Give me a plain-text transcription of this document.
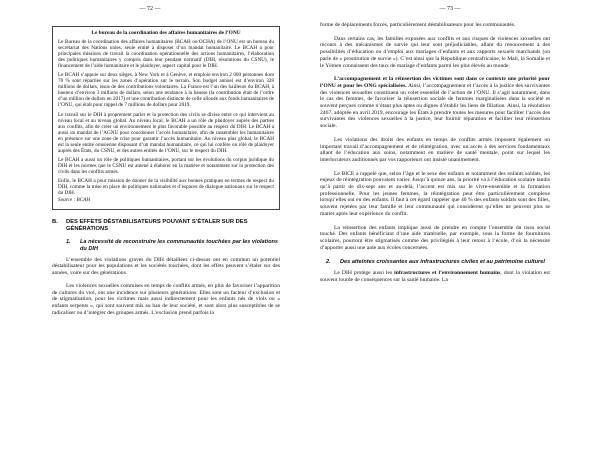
— 72 —
Le bureau de la coordination des affaires humanitaires de l’ONU

Le Bureau de la coordination des affaires humanitaires (BCAH ou OCHA) de l’ONU est un bureau du secrétariat des Nations unies, seule entité à disposer d’un mandat humanitaire. Le BCAH a pour principales missions de travail la coordination opérationnelle des actions humanitaires, l’élaboration des politiques humanitaires y compris dans leur pendant normatif (DIH, résolutions du CSNU), le financement de l’aide humanitaire et le plaidoyer, aspect capital pour le DIH.

Le BCAH s’appuie sur deux sièges, à New York et à Genève, et emploie environ 2 000 personnes dont 70 % sont réparties sur les zones d’opération sur le terrain. Son budget annuel est d’environ 328 millions de dollars, issus de des contributions volontaires. La France est l’un des bailleurs du BCAH, à hauteur d’environ 3 millions de dollars, selon une tendance à la hausse (la contribution était de l’ordre d’un million de dollars en 2017) et une contribution distincte de celle allouée aux fonds humanitaires de l’ONU, qui était pour rappel de 7 millions de dollars pour 2019.

Le travail sur le DIH à proprement parler et la protection des civils se divise entre ce qui intervient au niveau local et au niveau global. Au niveau local, le BCAH a un rôle de plaidoyer auprès des parties aux conflits, afin de créer un environnement le plus favorable possible au respect du DIH. Le BCAH a aussi un mandat de l’AGNU pour coordonner l’accès humanitaire, afin de rassembler les humanitaires en présence sur une zone de crise pour garantir l’accès humanitaire. Au niveau plus global, le BCAH est la seule entité onusienne disposant d’un mandat humanitaire, ce qui lui confère un rôle de plaidoyer auprès des États, du CSNU, et des autres entités de l’ONU, sur le respect du DIH.

Le BCAH a aussi un rôle de politiques humanitaires, portant sur les évolutions du corpus juridique du DIH et les normes que le CSNU est amené à élaborer en la matière et notamment sur la protection des civils dans les conflits armés.

Enfin, le BCAH a pour mission de donner de la visibilité aux bonnes pratiques en termes de respect du DIH, comme la mise en place de politiques nationales et d’espaces de dialogue nationaux sur le respect du DIH.

Source : BCAH

B.	DES EFFETS DÉSTABILISATEURS POUVANT S’ÉTALER SUR DES GÉNÉRATIONS
1.	La nécessité de reconstruire les communautés touchées par les violations du DIH

L’ensemble des violations graves du DIH détaillées ci-dessus ont en commun un potentiel déstabilisateur pour les populations et les sociétés touchées, dont les effets peuvent s’étaler sur des années, voire sur des générations.

Les violences sexuelles commises en temps de conflits armés, en plus de favoriser l’apparition de cultures du viol, ont une incidence sur plusieurs générations. Elles sont un facteur d’exclusion et de stigmatisation, pour les victimes mais aussi indirectement pour les enfants nés de viols ou « enfants serpents », qui sont souvent mis au ban de leur société, et sont alors plus susceptibles de se radicaliser ou d’intégrer des groupes armés. L’exclusion prend parfois la

— 73 —

forme de déplacements forcés, particulièrement déstabilisateurs pour les communautés.

Dans certains cas, les familles exposées aux conflits et aux risques de violences sexuelles ont recours à des mécanismes de survie qui leur sont préjudiciables, allant du renoncement à des possibilités d’éducation ou d’emploi aux mariages d’enfants et aux rapports sexuels marchands (on parle de « prostitution de survie »). C’est ainsi que la République centrafricaine, le Mali, la Somalie et le Yémen connaissent des taux de mariage d’enfants parmi les plus élevés au monde.

L’accompagnement et la réinsertion des victimes sont dans ce contexte une priorité pour l’ONU et pour les ONG spécialisées. Ainsi, l’accompagnement et l’accès à la justice des survivantes des violences sexuelles constituent un volet essentiel de l’action de l’ONU. Il s’agit notamment, dans le cas des femmes, de favoriser la réinsertion sociale de femmes marginalisées dans la société et souvent perçues comme n’étant plus aptes ou dignes d’établir les liens de filiation. Ainsi, la résolution 2467, adoptée en avril 2019, encourage les États à prendre toutes les mesures pour faciliter l’accès des survivantes des violences sexuelles à la justice, leur fournir réparation et faciliter leur réinsertion sociale.

Les violations des droits des enfants en temps de conflits armés imposent également un important travail d’accompagnement et de réintégration, avec un accès à des services fondamentaux allant de l’éducation aux soins, notamment en matière de santé mentale, point sur lequel les interlocuteurs auditionnés par vos rapporteurs ont insisté unanimement.

Le BICE a rappelé que, selon l’âge et le sexe des enfants et notamment des enfants soldats, les enjeux de réintégration pouvaient varier. Jusqu’à quinze ans, la priorité va à l’éducation scolaire tandis qu’à partir de dix-sept ans et au-delà, l’accent est mis sur le vivre-ensemble et la formation professionnelle. Pour les jeunes femmes, la réintégration peut être particulièrement complexe lorsqu’elles ont eu des enfants. Il faut à cet égard rappeler que 40 % des enfants soldats sont des filles, souvent rejetées par leur famille et leur communauté qui considèrent qu’elles ne peuvent plus se marier après leur expérience du conflit.

La réinsertion des enfants implique aussi de prendre en compte l’ensemble du tissu social touché. Des enfants bénéficiant d’une aide matérielle, par exemple, sous la forme de fournitures scolaires, pourront être stigmatisés comme des privilégiés à leur retour à l’école, d’où la nécessité d’apporter aussi une aide aux écoles concernées.

2.	Des atteintes croissantes aux infrastructures civiles et au patrimoine culturel

Le DIH protège aussi les infrastructures et l’environnement humains, dont la violation est souvent lourde de conséquences sur la santé humaine. La
